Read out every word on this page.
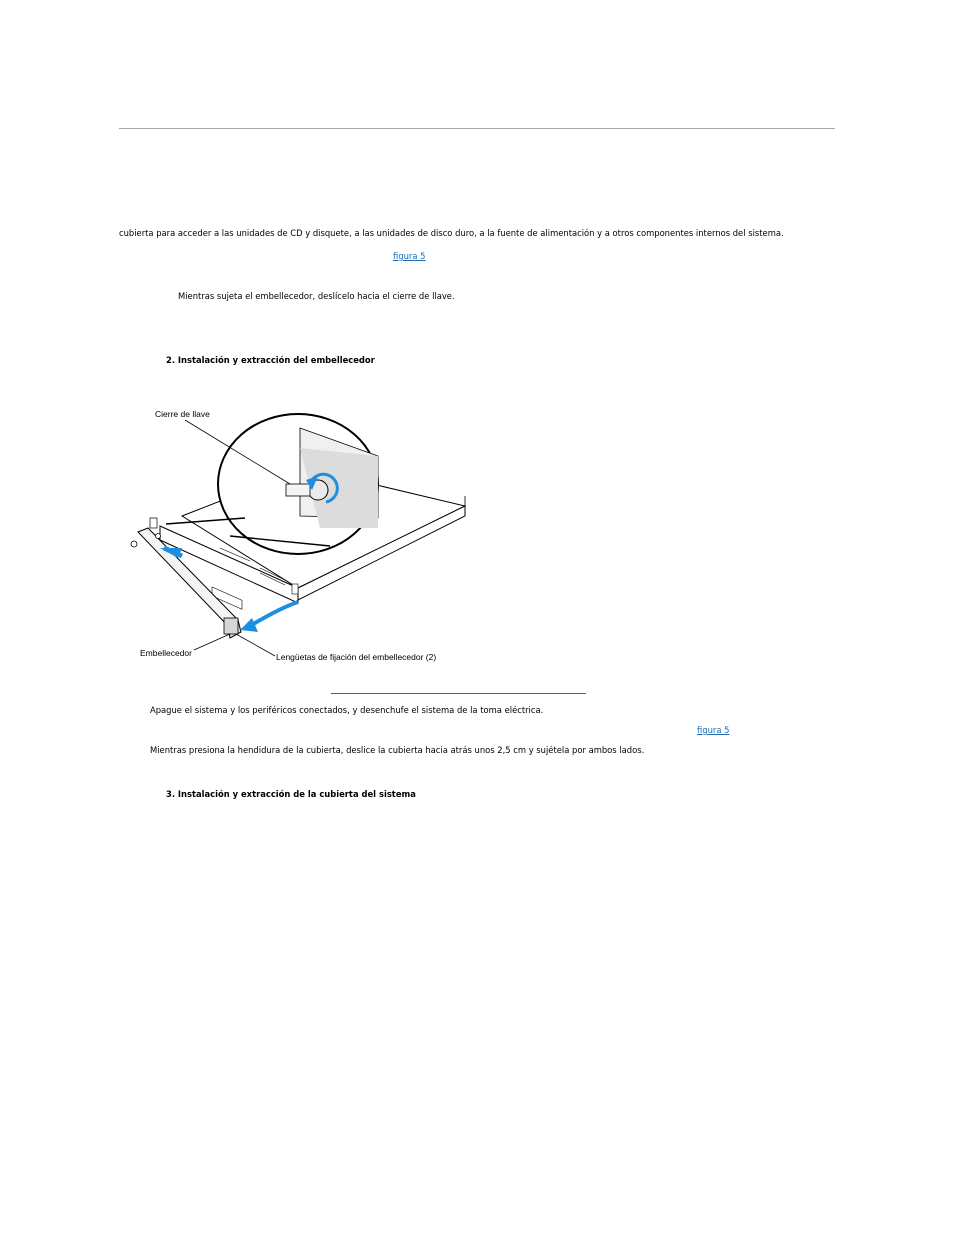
cubierta para acceder a las unidades de CD y disquete, a las unidades de disco duro, a la fuente de alimentación y a otros componentes internos del sistema.
figura 5
Mientras sujeta el embellecedor, deslícelo hacia el cierre de llave.
2. Instalación y extracción del embellecedor
Cierre de llave
Embellecedor	Lengüetas de fijación del embellecedor (2)
Apague el sistema y los periféricos conectados, y desenchufe el sistema de la toma eléctrica.
figura 5
Mientras presiona la hendidura de la cubierta, deslice la cubierta hacia atrás unos 2,5 cm y sujétela por ambos lados.
3. Instalación y extracción de la cubierta del sistema
